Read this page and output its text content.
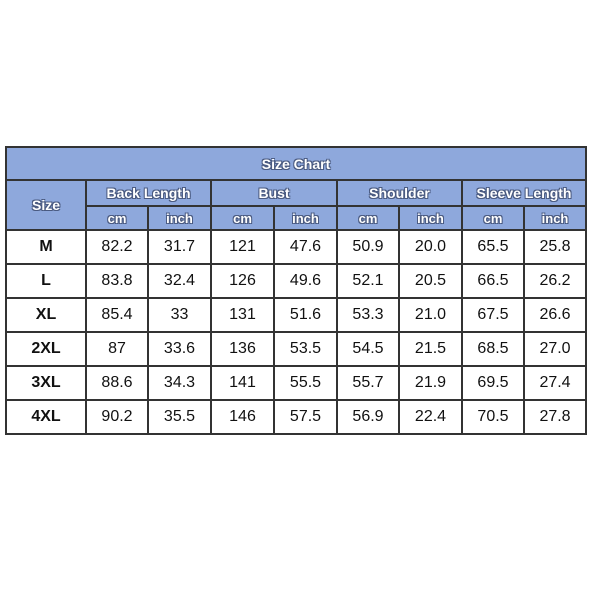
Size Chart								
Size	Back Length		Bust		Shoulder		Sleeve Length	
	cm	inch	cm	inch	cm	inch	cm	inch
M	82.2	31.7	121	47.6	50.9	20.0	65.5	25.8
L	83.8	32.4	126	49.6	52.1	20.5	66.5	26.2
XL	85.4	33	131	51.6	53.3	21.0	67.5	26.6
2XL	87	33.6	136	53.5	54.5	21.5	68.5	27.0
3XL	88.6	34.3	141	55.5	55.7	21.9	69.5	27.4
4XL	90.2	35.5	146	57.5	56.9	22.4	70.5	27.8
